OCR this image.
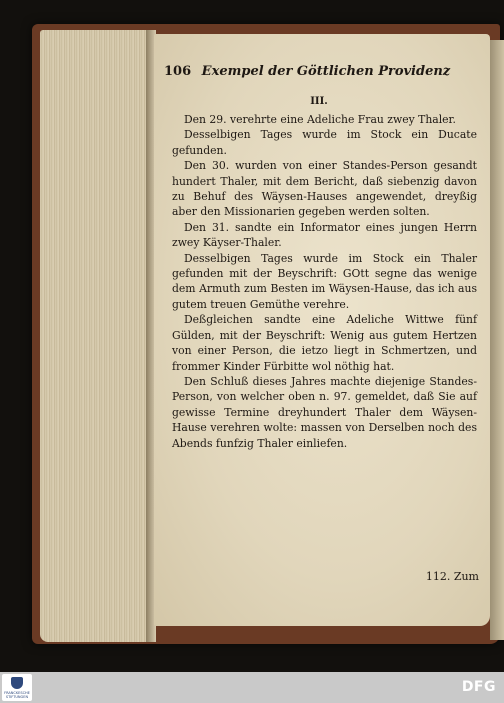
106 Exempel der Göttlichen Providenz
III.

Den 29. verehrte eine Adeliche Frau zwey Thaler.

Desselbigen Tages wurde im Stock ein Ducate gefunden.

Den 30. wurden von einer Standes-Person gesandt hundert Thaler, mit dem Bericht, daß siebenzig davon zu Behuf des Wäysen-Hauses angewendet, dreyßig aber den Missionarien gegeben werden solten.

Den 31. sandte ein Informator eines jungen Herrn zwey Käyser-Thaler.

Desselbigen Tages wurde im Stock ein Thaler gefunden mit der Beyschrift: GOtt segne das wenige dem Armuth zum Besten im Wäysen-Hause, das ich aus gutem treuen Gemüthe verehre.

Deßgleichen sandte eine Adeliche Wittwe fünf Gülden, mit der Beyschrift: Wenig aus gutem Hertzen von einer Person, die ietzo liegt in Schmertzen, und frommer Kinder Fürbitte wol nöthig hat.

Den Schluß dieses Jahres machte diejenige Standes-Person, von welcher oben n. 97. gemeldet, daß Sie auf gewisse Termine dreyhundert Thaler dem Wäysen-Hause verehren wolte: massen von Derselben noch des Abends funfzig Thaler einliefen.

112. Zum
FRANCKESCHE STIFTUNGEN
DFG
